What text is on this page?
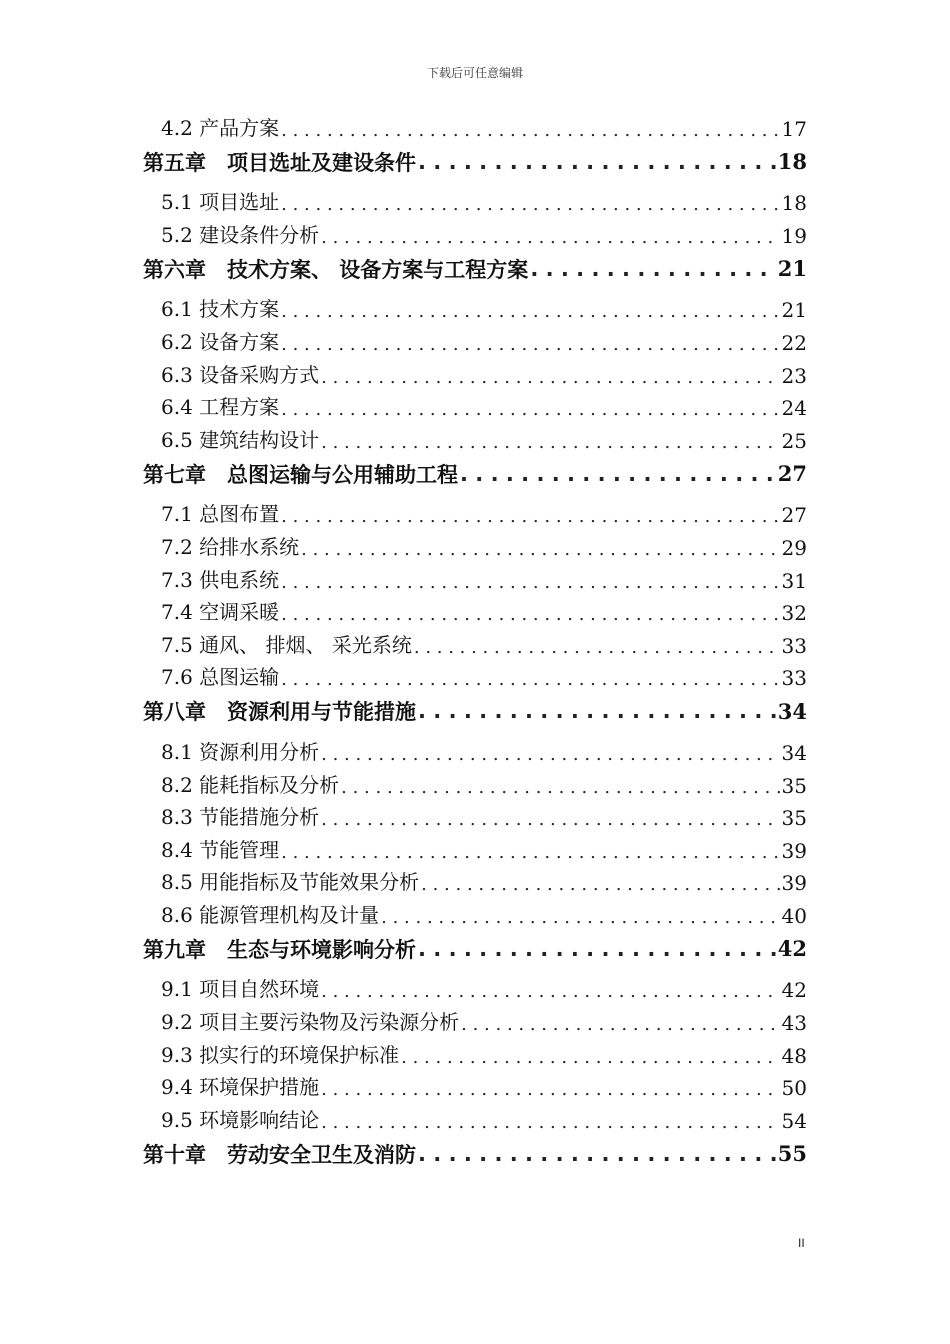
下载后可任意编辑
4.2 产品方案 . . .	17
第五章　项目选址及建设条件 . . .	18
5.1 项目选址 . . .	18
5.2 建设条件分析 . . .	19
第六章　技术方案、 设备方案与工程方案 . . .	21
6.1 技术方案 . . .	21
6.2 设备方案 . . .	22
6.3 设备采购方式 . . .	23
6.4 工程方案 . . .	24
6.5 建筑结构设计 . . .	25
第七章　总图运输与公用辅助工程 . . .	27
7.1 总图布置 . . .	27
7.2 给排水系统 . . .	29
7.3 供电系统 . . .	31
7.4 空调采暖 . . .	32
7.5 通风、 排烟、 采光系统 . . .	33
7.6 总图运输 . . .	33
第八章　资源利用与节能措施 . . .	34
8.1 资源利用分析 . . .	34
8.2 能耗指标及分析 . . .	35
8.3 节能措施分析 . . .	35
8.4 节能管理 . . .	39
8.5 用能指标及节能效果分析 . . .	39
8.6 能源管理机构及计量 . . .	40
第九章　生态与环境影响分析 . . .	42
9.1 项目自然环境 . . .	42
9.2 项目主要污染物及污染源分析 . . .	43
9.3 拟实行的环境保护标准 . . .	48
9.4 环境保护措施 . . .	50
9.5 环境影响结论 . . .	54
第十章　劳动安全卫生及消防 . . .	55
II
